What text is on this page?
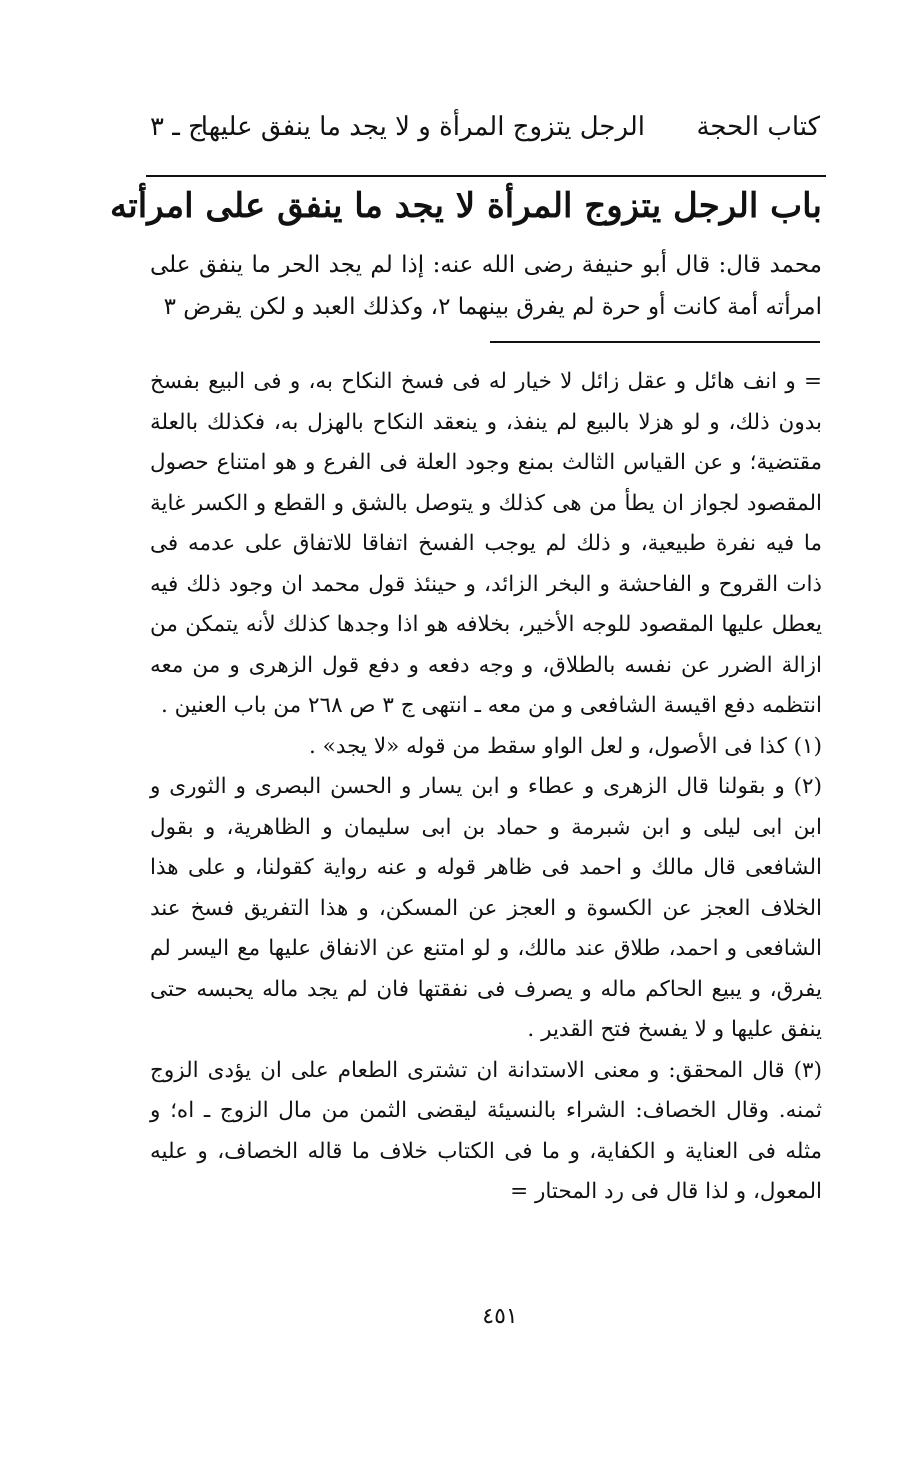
كتاب الحجة
الرجل يتزوج المرأة و لا يجد ما ينفق عليها
ج ـ ٣
باب الرجل يتزوج المرأة لا يجد ما ينفق على امرأته

محمد قال: قال أبو حنيفة رضى الله عنه: إذا لم يجد الحر ما ينفق على امرأته أمة كانت أو حرة لم يفرق بينهما ٢، وكذلك العبد و لكن يقرض ٣

= و انف هائل و عقل زائل لا خيار له فى فسخ النكاح به، و فى البيع بفسخ بدون ذلك، و لو هزلا بالبيع لم ينفذ، و ينعقد النكاح بالهزل به، فكذلك بالعلة مقتضية؛ و عن القياس الثالث بمنع وجود العلة فى الفرع و هو امتناع حصول المقصود لجواز ان يطأ من هى كذلك و يتوصل بالشق و القطع و الكسر غاية ما فيه نفرة طبيعية، و ذلك لم يوجب الفسخ اتفاقا للاتفاق على عدمه فى ذات القروح و الفاحشة و البخر الزائد، و حينئذ قول محمد ان وجود ذلك فيه يعطل عليها المقصود للوجه الأخير، بخلافه هو اذا وجدها كذلك لأنه يتمكن من ازالة الضرر عن نفسه بالطلاق، و وجه دفعه و دفع قول الزهرى و من معه انتظمه دفع اقيسة الشافعى و من معه ـ انتهى ج ٣ ص ٢٦٨ من باب العنين .

(١) كذا فى الأصول، و لعل الواو سقط من قوله «لا يجد» .

(٢) و بقولنا قال الزهرى و عطاء و ابن يسار و الحسن البصرى و الثورى و ابن ابى ليلى و ابن شبرمة و حماد بن ابى سليمان و الظاهرية، و بقول الشافعى قال مالك و احمد فى ظاهر قوله و عنه رواية كقولنا، و على هذا الخلاف العجز عن الكسوة و العجز عن المسكن، و هذا التفريق فسخ عند الشافعى و احمد، طلاق عند مالك، و لو امتنع عن الانفاق عليها مع اليسر لم يفرق، و يبيع الحاكم ماله و يصرف فى نفقتها فان لم يجد ماله يحبسه حتى ينفق عليها و لا يفسخ فتح القدير .

(٣) قال المحقق: و معنى الاستدانة ان تشترى الطعام على ان يؤدى الزوج ثمنه. وقال الخصاف: الشراء بالنسيئة ليقضى الثمن من مال الزوج ـ اه؛ و مثله فى العناية و الكفاية، و ما فى الكتاب خلاف ما قاله الخصاف، و عليه المعول، و لذا قال فى رد المحتار =

٤٥١
